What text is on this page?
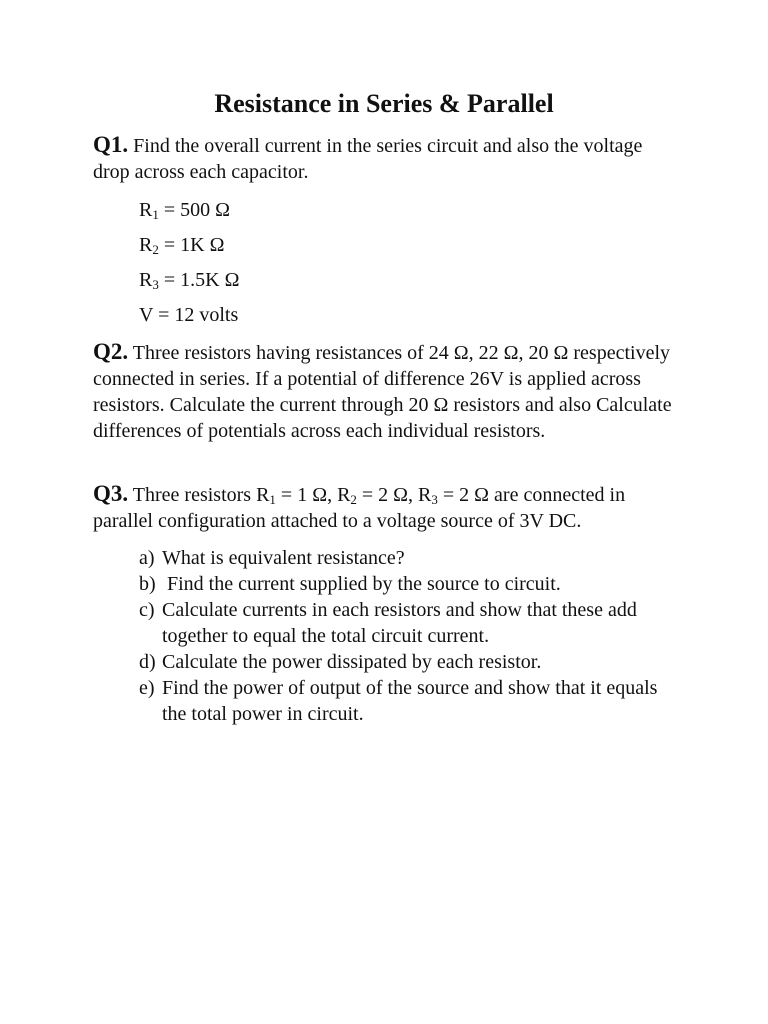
Resistance in Series & Parallel

Q1. Find the overall current in the series circuit and also the voltage drop across each capacitor.

$R_1 = 500$ Ω

$R_2 = 1K$ Ω

$R_3 = 1.5K$ Ω

V = 12 volts

Q2. Three resistors having resistances of 24 Ω, 22 Ω, 20 Ω respectively connected in series. If a potential of difference 26V is applied across resistors. Calculate the current through 20 Ω resistors and also Calculate differences of potentials across each individual resistors.

Q3. Three resistors $R_1 = 1$ Ω, $R_2 = 2$ Ω, $R_3 = 2$ Ω are connected in parallel configuration attached to a voltage source of 3V DC.

a) What is equivalent resistance?
b) Find the current supplied by the source to circuit.
c) Calculate currents in each resistors and show that these add together to equal the total circuit current.
d) Calculate the power dissipated by each resistor.
e) Find the power of output of the source and show that it equals the total power in circuit.
